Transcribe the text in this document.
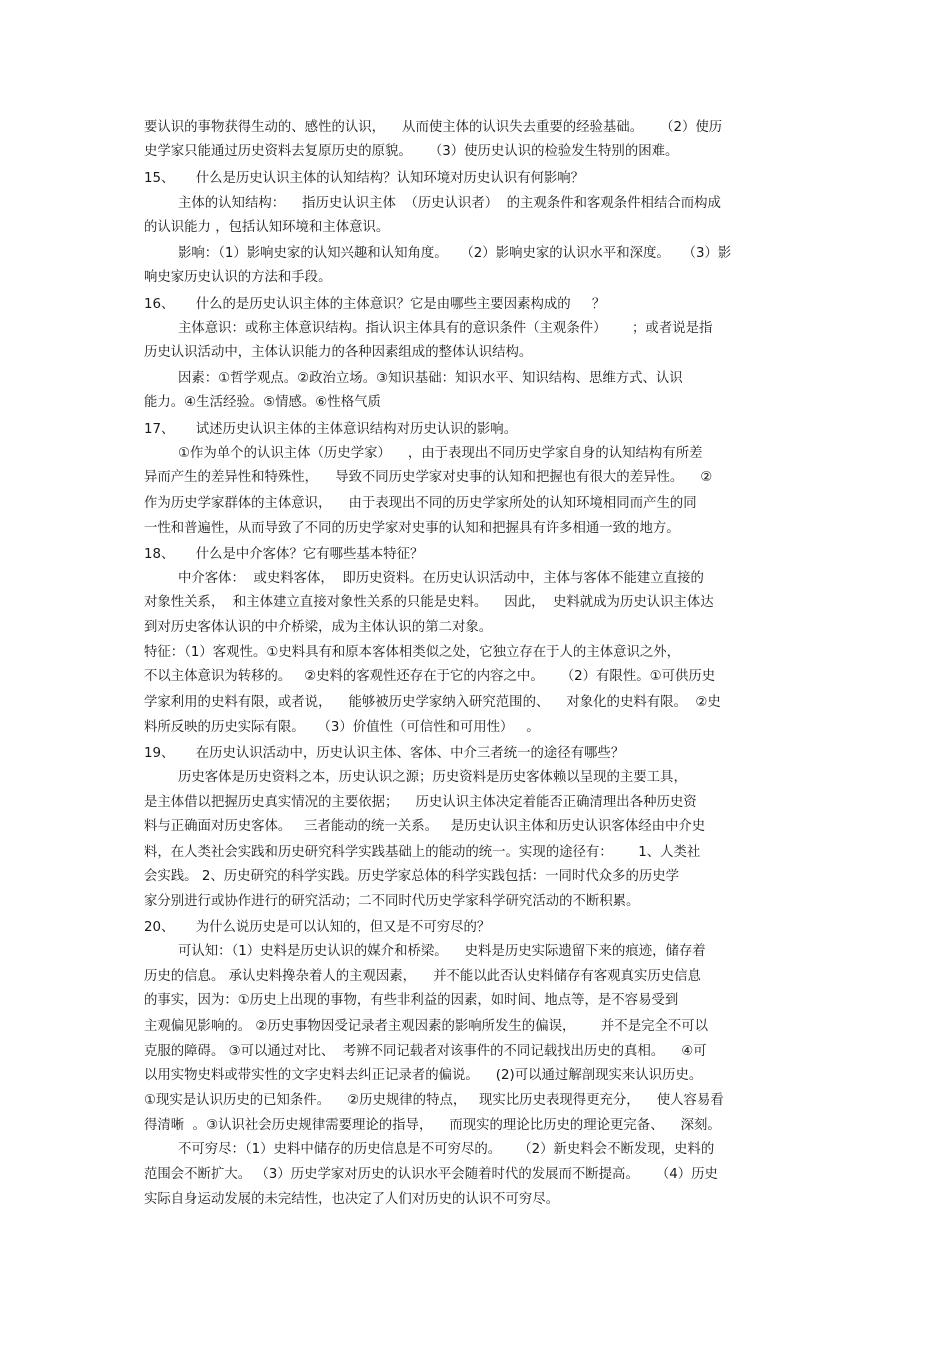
要认识的事物获得生动的、感性的认识，    从而使主体的认识失去重要的经验基础。    （2）使历
史学家只能通过历史资料去复原历史的原貌。    （3）使历史认识的检验发生特别的困难。
15、     什么是历史认识主体的认知结构？认知环境对历史认识有何影响？
主体的认知结构：    指历史认识主体  （历史认识者）  的主观条件和客观条件相结合而构成
的认识能力 ，包括认知环境和主体意识。
影响：（1）影响史家的认知兴趣和认知角度。   （2）影响史家的认识水平和深度。   （3）影
响史家历史认识的方法和手段。
16、     什么的是历史认识主体的主体意识？它是由哪些主要因素构成的     ？
主体意识：或称主体意识结构。指认识主体具有的意识条件（主观条件）      ；或者说是指
历史认识活动中，主体认识能力的各种因素组成的整体认识结构。
因素：①哲学观点。②政治立场。③知识基础：知识水平、知识结构、思维方式、认识
能力。④生活经验。⑤情感。⑥性格气质
17、     试述历史认识主体的主体意识结构对历史认识的影响。
①作为单个的认识主体（历史学家）    ，由于表现出不同历史学家自身的认知结构有所差
异而产生的差异性和特殊性，    导致不同历史学家对史事的认知和把握也有很大的差异性。    ②
作为历史学家群体的主体意识，    由于表现出不同的历史学家所处的认知环境相同而产生的同
一性和普遍性，从而导致了不同的历史学家对史事的认知和把握具有许多相通一致的地方。
18、     什么是中介客体？它有哪些基本特征？
中介客体：  或史料客体，  即历史资料。在历史认识活动中，主体与客体不能建立直接的
对象性关系，  和主体建立直接对象性关系的只能是史料。    因此，  史料就成为历史认识主体达
到对历史客体认识的中介桥梁，成为主体认识的第二对象。
特征：（1）客观性。①史料具有和原本客体相类似之处，它独立存在于人的主体意识之外，
不以主体意识为转移的。   ②史料的客观性还存在于它的内容之中。    （2）有限性。①可供历史
学家利用的史料有限，或者说，    能够被历史学家纳入研究范围的、    对象化的史料有限。  ②史
料所反映的历史实际有限。   （3）价值性（可信性和可用性）   。
19、     在历史认识活动中，历史认识主体、客体、中介三者统一的途径有哪些？
历史客体是历史资料之本，历史认识之源；历史资料是历史客体赖以呈现的主要工具，
是主体借以把握历史真实情况的主要依据；    历史认识主体决定着能否正确清理出各种历史资
料与正确面对历史客体。   三者能动的统一关系。   是历史认识主体和历史认识客体经由中介史
料，在人类社会实践和历史研究科学实践基础上的能动的统一。实现的途径有：      1、人类社
会实践。 2、历史研究的科学实践。历史学家总体的科学实践包括：一同时代众多的历史学
家分别进行或协作进行的研究活动；二不同时代历史学家科学研究活动的不断积累。
20、     为什么说历史是可以认知的，但又是不可穷尽的？
可认知：（1）史料是历史认识的媒介和桥梁。    史料是历史实际遗留下来的痕迹，储存着
历史的信息。 承认史料搀杂着人的主观因素，    并不能以此否认史料储存有客观真实历史信息
的事实，因为：①历史上出现的事物，有些非利益的因素，如时间、地点等，是不容易受到
主观偏见影响的。 ②历史事物因受记录者主观因素的影响所发生的偏误，      并不是完全不可以
克服的障碍。 ③可以通过对比、  考辨不同记载者对该事件的不同记载找出历史的真相。    ④可
以用实物史料或带实性的文字史料去纠正记录者的偏说。    (2)可以通过解剖现实来认识历史。
①现实是认识历史的已知条件。    ②历史规律的特点，   现实比历史表现得更充分，    使人容易看
得清晰  。③认识社会历史规律需要理论的指导，    而现实的理论比历史的理论更完备、    深刻。
不可穷尽：（1）史料中储存的历史信息是不可穷尽的。    （2）新史料会不断发现，史料的
范围会不断扩大。 （3）历史学家对历史的认识水平会随着时代的发展而不断提高。    （4）历史
实际自身运动发展的未完结性，也决定了人们对历史的认识不可穷尽。
